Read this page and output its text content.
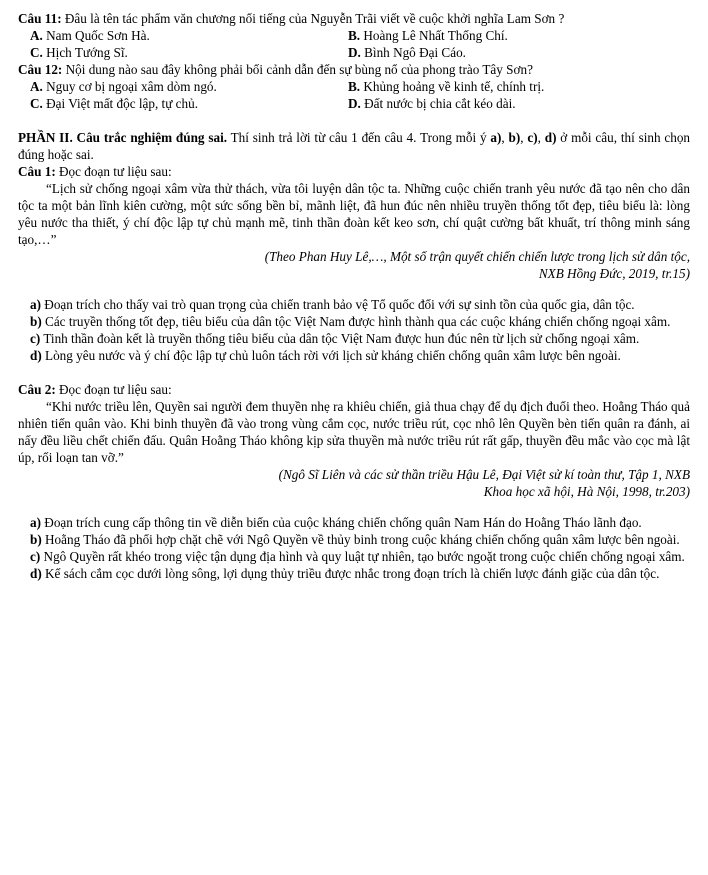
Câu 11: Đâu là tên tác phẩm văn chương nổi tiếng của Nguyễn Trãi viết về cuộc khởi nghĩa Lam Sơn ?

A. Nam Quốc Sơn Hà.	B. Hoàng Lê Nhất Thống Chí.

C. Hịch Tướng Sĩ.	D. Bình Ngô Đại Cáo.

Câu 12: Nội dung nào sau đây không phải bối cảnh dẫn đến sự bùng nổ của phong trào Tây Sơn?

A. Nguy cơ bị ngoại xâm dòm ngó.	B. Khủng hoảng về kinh tế, chính trị.

C. Đại Việt mất độc lập, tự chủ.	D. Đất nước bị chia cắt kéo dài.

PHẦN II. Câu trắc nghiệm đúng sai. Thí sinh trả lời từ câu 1 đến câu 4. Trong mỗi ý a), b), c), d) ở mỗi câu, thí sinh chọn đúng hoặc sai.

Câu 1: Đọc đoạn tư liệu sau:

“Lịch sử chống ngoại xâm vừa thử thách, vừa tôi luyện dân tộc ta. Những cuộc chiến tranh yêu nước đã tạo nên cho dân tộc ta một bản lĩnh kiên cường, một sức sống bền bỉ, mãnh liệt, đã hun đúc nên nhiều truyền thống tốt đẹp, tiêu biểu là: lòng yêu nước tha thiết, ý chí độc lập tự chủ mạnh mẽ, tinh thần đoàn kết keo sơn, chí quật cường bất khuất, trí thông minh sáng tạo,…”

(Theo Phan Huy Lê,…, Một số trận quyết chiến chiến lược trong lịch sử dân tộc,

NXB Hồng Đức, 2019, tr.15)

a) Đoạn trích cho thấy vai trò quan trọng của chiến tranh bảo vệ Tổ quốc đối với sự sinh tồn của quốc gia, dân tộc.

b) Các truyền thống tốt đẹp, tiêu biểu của dân tộc Việt Nam được hình thành qua các cuộc kháng chiến chống ngoại xâm.

c) Tinh thần đoàn kết là truyền thống tiêu biểu của dân tộc Việt Nam được hun đúc nên từ lịch sử chống ngoại xâm.

d) Lòng yêu nước và ý chí độc lập tự chủ luôn tách rời với lịch sử kháng chiến chống quân xâm lược bên ngoài.

Câu 2: Đọc đoạn tư liệu sau:

“Khi nước triều lên, Quyền sai người đem thuyền nhẹ ra khiêu chiến, giả thua chạy để dụ địch đuổi theo. Hoằng Tháo quả nhiên tiến quân vào. Khi binh thuyền đã vào trong vùng cắm cọc, nước triều rút, cọc nhô lên Quyền bèn tiến quân ra đánh, ai nấy đều liều chết chiến đấu. Quân Hoằng Tháo không kịp sửa thuyền mà nước triều rút rất gấp, thuyền đều mắc vào cọc mà lật úp, rối loạn tan vỡ.”

(Ngô Sĩ Liên và các sử thần triều Hậu Lê, Đại Việt sử kí toàn thư, Tập 1, NXB

Khoa học xã hội, Hà Nội, 1998, tr.203)

a) Đoạn trích cung cấp thông tin về diễn biến của cuộc kháng chiến chống quân Nam Hán do Hoằng Tháo lãnh đạo.

b) Hoằng Tháo đã phối hợp chặt chẽ với Ngô Quyền về thủy binh trong cuộc kháng chiến chống quân xâm lược bên ngoài.

c) Ngô Quyền rất khéo trong việc tận dụng địa hình và quy luật tự nhiên, tạo bước ngoặt trong cuộc chiến chống ngoại xâm.

d) Kế sách cắm cọc dưới lòng sông, lợi dụng thủy triều được nhắc trong đoạn trích là chiến lược đánh giặc của dân tộc.
